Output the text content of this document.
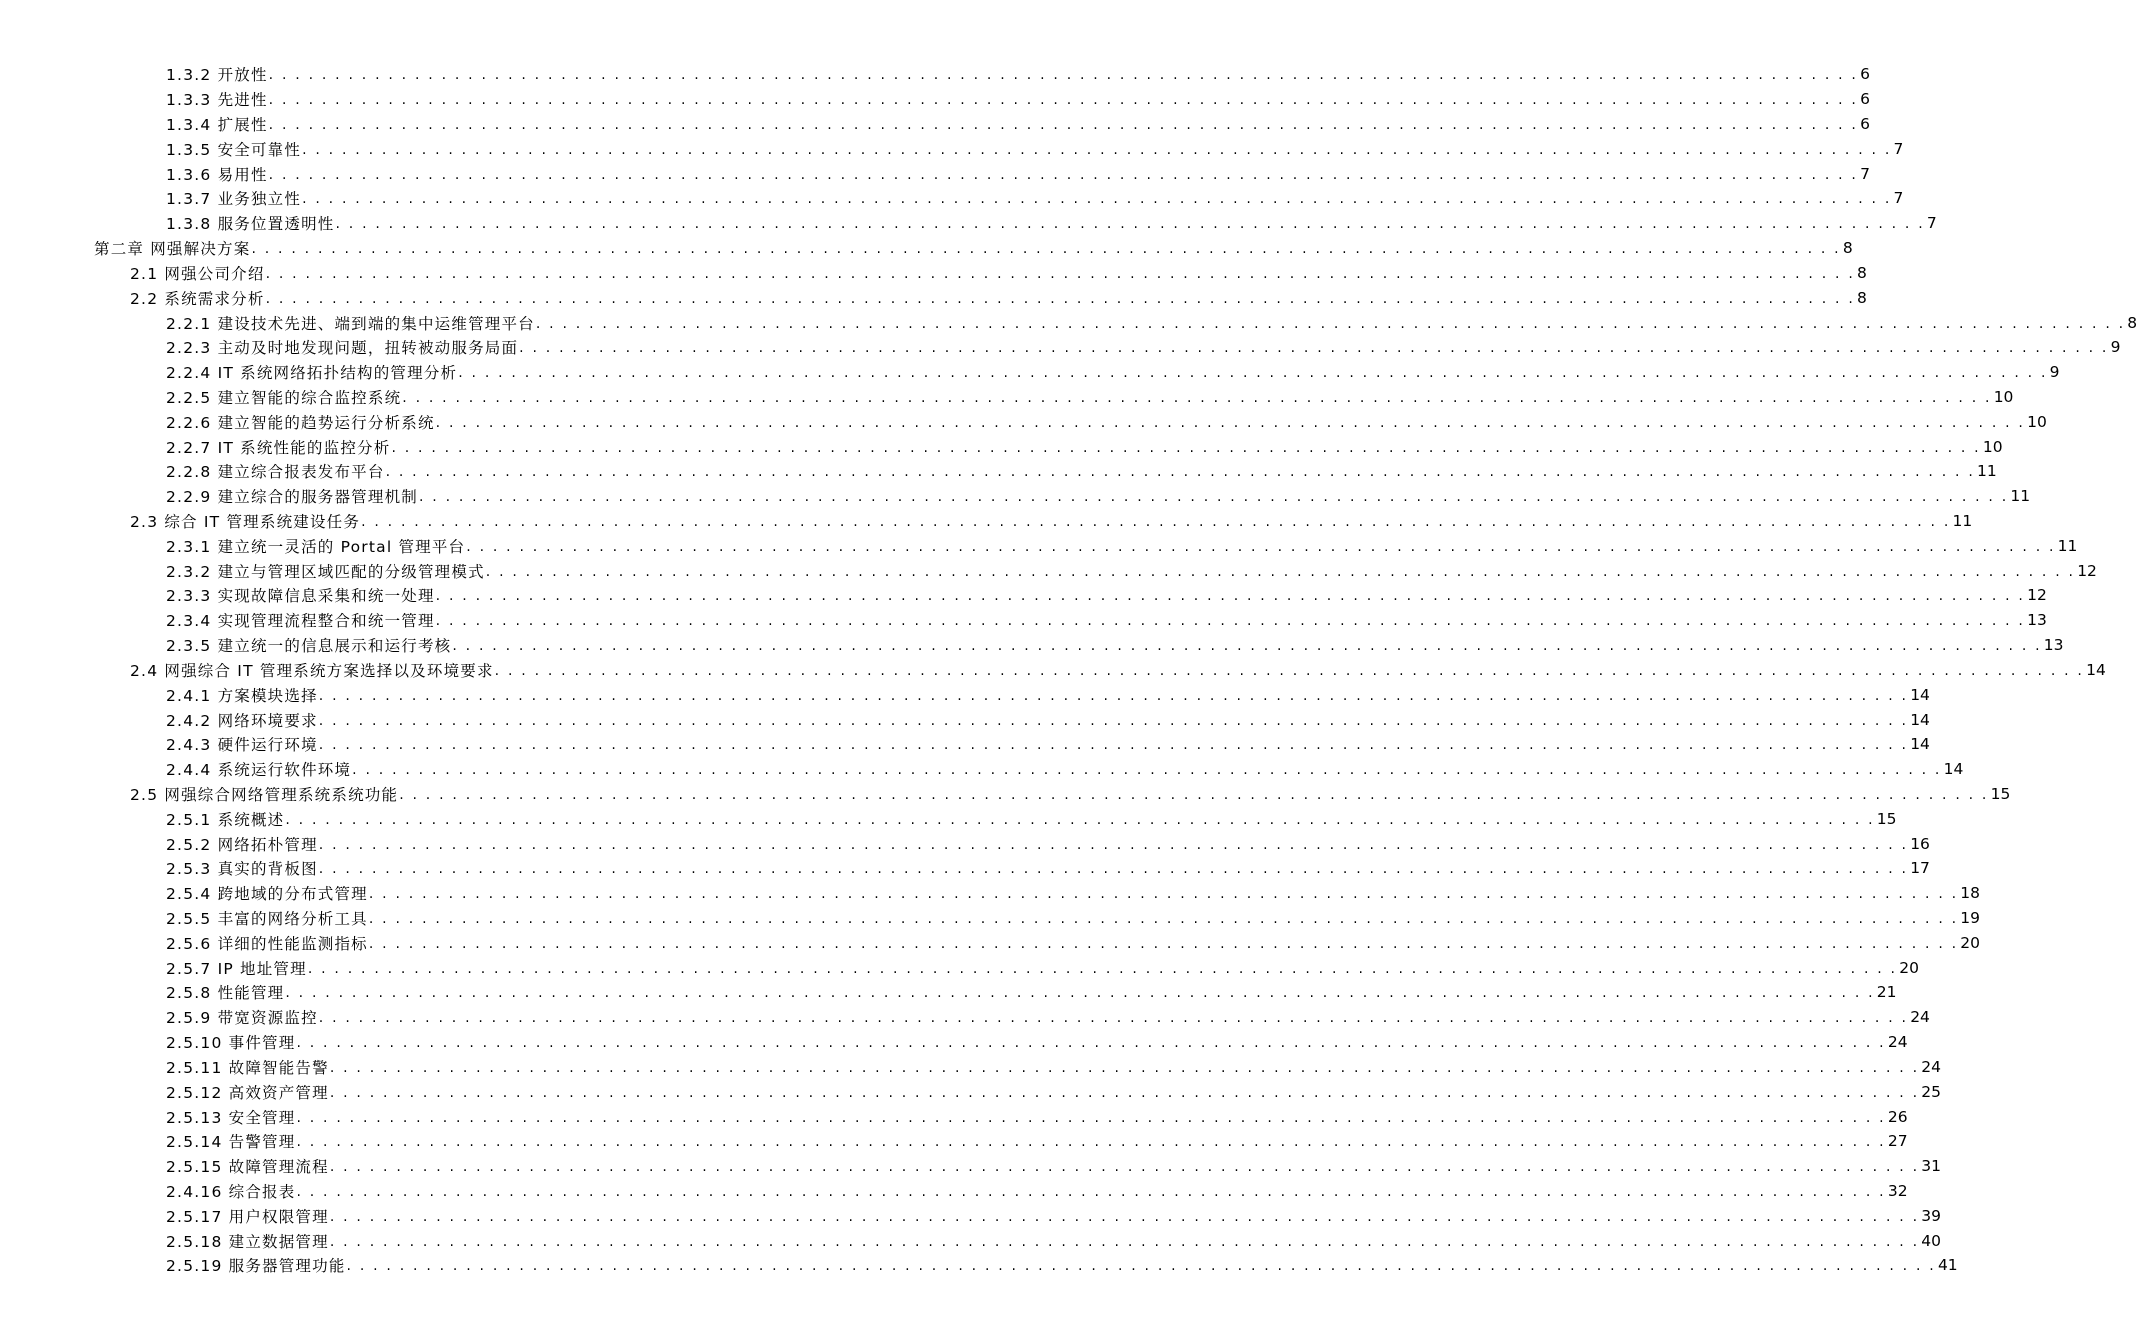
1.3.2 开放性 . . . . . . . . . . . . . . . . . . . . . . . . . . . . . . . . . . . . . . . . . . . . . . . . . . . . . . . . . . . . . . . . . . . . . . . . . . . . . . . . . . . . . . . . . . . . . . . . . . . . . . . . . . . . . . . . . . . . . . . . 6
1.3.3 先进性 . . . . . . . . . . . . . . . . . . . . . . . . . . . . . . . . . . . . . . . . . . . . . . . . . . . . . . . . . . . . . . . . . . . . . . . . . . . . . . . . . . . . . . . . . . . . . . . . . . . . . . . . . . . . . . . . . . . . . . . . 6
1.3.4 扩展性 . . . . . . . . . . . . . . . . . . . . . . . . . . . . . . . . . . . . . . . . . . . . . . . . . . . . . . . . . . . . . . . . . . . . . . . . . . . . . . . . . . . . . . . . . . . . . . . . . . . . . . . . . . . . . . . . . . . . . . . . 6
1.3.5 安全可靠性 . . . . . . . . . . . . . . . . . . . . . . . . . . . . . . . . . . . . . . . . . . . . . . . . . . . . . . . . . . . . . . . . . . . . . . . . . . . . . . . . . . . . . . . . . . . . . . . . . . . . . . . . . . . . . . . . . . . . . . . . 7
1.3.6 易用性 . . . . . . . . . . . . . . . . . . . . . . . . . . . . . . . . . . . . . . . . . . . . . . . . . . . . . . . . . . . . . . . . . . . . . . . . . . . . . . . . . . . . . . . . . . . . . . . . . . . . . . . . . . . . . . . . . . . . . . . . 7
1.3.7 业务独立性 . . . . . . . . . . . . . . . . . . . . . . . . . . . . . . . . . . . . . . . . . . . . . . . . . . . . . . . . . . . . . . . . . . . . . . . . . . . . . . . . . . . . . . . . . . . . . . . . . . . . . . . . . . . . . . . . . . . . . . . . 7
1.3.8 服务位置透明性 . . . . . . . . . . . . . . . . . . . . . . . . . . . . . . . . . . . . . . . . . . . . . . . . . . . . . . . . . . . . . . . . . . . . . . . . . . . . . . . . . . . . . . . . . . . . . . . . . . . . . . . . . . . . . . . . . . . . . . . . 7
第二章 网强解决方案 . . . . . . . . . . . . . . . . . . . . . . . . . . . . . . . . . . . . . . . . . . . . . . . . . . . . . . . . . . . . . . . . . . . . . . . . . . . . . . . . . . . . . . . . . . . . . . . . . . . . . . . . . . . . . . . . . . . . . . . . 8
2.1 网强公司介绍 . . . . . . . . . . . . . . . . . . . . . . . . . . . . . . . . . . . . . . . . . . . . . . . . . . . . . . . . . . . . . . . . . . . . . . . . . . . . . . . . . . . . . . . . . . . . . . . . . . . . . . . . . . . . . . . . . . . . . . . . 8
2.2 系统需求分析 . . . . . . . . . . . . . . . . . . . . . . . . . . . . . . . . . . . . . . . . . . . . . . . . . . . . . . . . . . . . . . . . . . . . . . . . . . . . . . . . . . . . . . . . . . . . . . . . . . . . . . . . . . . . . . . . . . . . . . . . 8
2.2.1 建设技术先进、端到端的集中运维管理平台 . . . . . . . . . . . . . . . . . . . . . . . . . . . . . . . . . . . . . . . . . . . . . . . . . . . . . . . . . . . . . . . . . . . . . . . . . . . . . . . . . . . . . . . . . . . . . . . . . . . . . . . . . . . . . . . . . . . . . . . . 8
2.2.3 主动及时地发现问题，扭转被动服务局面 . . . . . . . . . . . . . . . . . . . . . . . . . . . . . . . . . . . . . . . . . . . . . . . . . . . . . . . . . . . . . . . . . . . . . . . . . . . . . . . . . . . . . . . . . . . . . . . . . . . . . . . . . . . . . . . . . . . . . . . . 9
2.2.4 IT 系统网络拓扑结构的管理分析 . . . . . . . . . . . . . . . . . . . . . . . . . . . . . . . . . . . . . . . . . . . . . . . . . . . . . . . . . . . . . . . . . . . . . . . . . . . . . . . . . . . . . . . . . . . . . . . . . . . . . . . . . . . . . . . . . . . . . . . . 9
2.2.5 建立智能的综合监控系统 . . . . . . . . . . . . . . . . . . . . . . . . . . . . . . . . . . . . . . . . . . . . . . . . . . . . . . . . . . . . . . . . . . . . . . . . . . . . . . . . . . . . . . . . . . . . . . . . . . . . . . . . . . . . . . . . . . . . . . . . 10
2.2.6 建立智能的趋势运行分析系统 . . . . . . . . . . . . . . . . . . . . . . . . . . . . . . . . . . . . . . . . . . . . . . . . . . . . . . . . . . . . . . . . . . . . . . . . . . . . . . . . . . . . . . . . . . . . . . . . . . . . . . . . . . . . . . . . . . . . . . . . 10
2.2.7 IT 系统性能的监控分析 . . . . . . . . . . . . . . . . . . . . . . . . . . . . . . . . . . . . . . . . . . . . . . . . . . . . . . . . . . . . . . . . . . . . . . . . . . . . . . . . . . . . . . . . . . . . . . . . . . . . . . . . . . . . . . . . . . . . . . . . 10
2.2.8 建立综合报表发布平台 . . . . . . . . . . . . . . . . . . . . . . . . . . . . . . . . . . . . . . . . . . . . . . . . . . . . . . . . . . . . . . . . . . . . . . . . . . . . . . . . . . . . . . . . . . . . . . . . . . . . . . . . . . . . . . . . . . . . . . . . 11
2.2.9 建立综合的服务器管理机制 . . . . . . . . . . . . . . . . . . . . . . . . . . . . . . . . . . . . . . . . . . . . . . . . . . . . . . . . . . . . . . . . . . . . . . . . . . . . . . . . . . . . . . . . . . . . . . . . . . . . . . . . . . . . . . . . . . . . . . . . 11
2.3 综合 IT 管理系统建设任务 . . . . . . . . . . . . . . . . . . . . . . . . . . . . . . . . . . . . . . . . . . . . . . . . . . . . . . . . . . . . . . . . . . . . . . . . . . . . . . . . . . . . . . . . . . . . . . . . . . . . . . . . . . . . . . . . . . . . . . . . 11
2.3.1 建立统一灵活的 Portal 管理平台 . . . . . . . . . . . . . . . . . . . . . . . . . . . . . . . . . . . . . . . . . . . . . . . . . . . . . . . . . . . . . . . . . . . . . . . . . . . . . . . . . . . . . . . . . . . . . . . . . . . . . . . . . . . . . . . . . . . . . . . . 11
2.3.2 建立与管理区域匹配的分级管理模式 . . . . . . . . . . . . . . . . . . . . . . . . . . . . . . . . . . . . . . . . . . . . . . . . . . . . . . . . . . . . . . . . . . . . . . . . . . . . . . . . . . . . . . . . . . . . . . . . . . . . . . . . . . . . . . . . . . . . . . . . 12
2.3.3 实现故障信息采集和统一处理 . . . . . . . . . . . . . . . . . . . . . . . . . . . . . . . . . . . . . . . . . . . . . . . . . . . . . . . . . . . . . . . . . . . . . . . . . . . . . . . . . . . . . . . . . . . . . . . . . . . . . . . . . . . . . . . . . . . . . . . . 12
2.3.4 实现管理流程整合和统一管理 . . . . . . . . . . . . . . . . . . . . . . . . . . . . . . . . . . . . . . . . . . . . . . . . . . . . . . . . . . . . . . . . . . . . . . . . . . . . . . . . . . . . . . . . . . . . . . . . . . . . . . . . . . . . . . . . . . . . . . . . 13
2.3.5 建立统一的信息展示和运行考核 . . . . . . . . . . . . . . . . . . . . . . . . . . . . . . . . . . . . . . . . . . . . . . . . . . . . . . . . . . . . . . . . . . . . . . . . . . . . . . . . . . . . . . . . . . . . . . . . . . . . . . . . . . . . . . . . . . . . . . . . 13
2.4 网强综合 IT 管理系统方案选择以及环境要求 . . . . . . . . . . . . . . . . . . . . . . . . . . . . . . . . . . . . . . . . . . . . . . . . . . . . . . . . . . . . . . . . . . . . . . . . . . . . . . . . . . . . . . . . . . . . . . . . . . . . . . . . . . . . . . . . . . . . . . . . 14
2.4.1 方案模块选择 . . . . . . . . . . . . . . . . . . . . . . . . . . . . . . . . . . . . . . . . . . . . . . . . . . . . . . . . . . . . . . . . . . . . . . . . . . . . . . . . . . . . . . . . . . . . . . . . . . . . . . . . . . . . . . . . . . . . . . . . 14
2.4.2 网络环境要求 . . . . . . . . . . . . . . . . . . . . . . . . . . . . . . . . . . . . . . . . . . . . . . . . . . . . . . . . . . . . . . . . . . . . . . . . . . . . . . . . . . . . . . . . . . . . . . . . . . . . . . . . . . . . . . . . . . . . . . . . 14
2.4.3 硬件运行环境 . . . . . . . . . . . . . . . . . . . . . . . . . . . . . . . . . . . . . . . . . . . . . . . . . . . . . . . . . . . . . . . . . . . . . . . . . . . . . . . . . . . . . . . . . . . . . . . . . . . . . . . . . . . . . . . . . . . . . . . . 14
2.4.4 系统运行软件环境 . . . . . . . . . . . . . . . . . . . . . . . . . . . . . . . . . . . . . . . . . . . . . . . . . . . . . . . . . . . . . . . . . . . . . . . . . . . . . . . . . . . . . . . . . . . . . . . . . . . . . . . . . . . . . . . . . . . . . . . . 14
2.5 网强综合网络管理系统系统功能 . . . . . . . . . . . . . . . . . . . . . . . . . . . . . . . . . . . . . . . . . . . . . . . . . . . . . . . . . . . . . . . . . . . . . . . . . . . . . . . . . . . . . . . . . . . . . . . . . . . . . . . . . . . . . . . . . . . . . . . . 15
2.5.1 系统概述 . . . . . . . . . . . . . . . . . . . . . . . . . . . . . . . . . . . . . . . . . . . . . . . . . . . . . . . . . . . . . . . . . . . . . . . . . . . . . . . . . . . . . . . . . . . . . . . . . . . . . . . . . . . . . . . . . . . . . . . . 15
2.5.2 网络拓朴管理 . . . . . . . . . . . . . . . . . . . . . . . . . . . . . . . . . . . . . . . . . . . . . . . . . . . . . . . . . . . . . . . . . . . . . . . . . . . . . . . . . . . . . . . . . . . . . . . . . . . . . . . . . . . . . . . . . . . . . . . . 16
2.5.3 真实的背板图 . . . . . . . . . . . . . . . . . . . . . . . . . . . . . . . . . . . . . . . . . . . . . . . . . . . . . . . . . . . . . . . . . . . . . . . . . . . . . . . . . . . . . . . . . . . . . . . . . . . . . . . . . . . . . . . . . . . . . . . . 17
2.5.4 跨地域的分布式管理 . . . . . . . . . . . . . . . . . . . . . . . . . . . . . . . . . . . . . . . . . . . . . . . . . . . . . . . . . . . . . . . . . . . . . . . . . . . . . . . . . . . . . . . . . . . . . . . . . . . . . . . . . . . . . . . . . . . . . . . . 18
2.5.5 丰富的网络分析工具 . . . . . . . . . . . . . . . . . . . . . . . . . . . . . . . . . . . . . . . . . . . . . . . . . . . . . . . . . . . . . . . . . . . . . . . . . . . . . . . . . . . . . . . . . . . . . . . . . . . . . . . . . . . . . . . . . . . . . . . . 19
2.5.6 详细的性能监测指标 . . . . . . . . . . . . . . . . . . . . . . . . . . . . . . . . . . . . . . . . . . . . . . . . . . . . . . . . . . . . . . . . . . . . . . . . . . . . . . . . . . . . . . . . . . . . . . . . . . . . . . . . . . . . . . . . . . . . . . . . 20
2.5.7 IP 地址管理 . . . . . . . . . . . . . . . . . . . . . . . . . . . . . . . . . . . . . . . . . . . . . . . . . . . . . . . . . . . . . . . . . . . . . . . . . . . . . . . . . . . . . . . . . . . . . . . . . . . . . . . . . . . . . . . . . . . . . . . . 20
2.5.8 性能管理 . . . . . . . . . . . . . . . . . . . . . . . . . . . . . . . . . . . . . . . . . . . . . . . . . . . . . . . . . . . . . . . . . . . . . . . . . . . . . . . . . . . . . . . . . . . . . . . . . . . . . . . . . . . . . . . . . . . . . . . . 21
2.5.9 带宽资源监控 . . . . . . . . . . . . . . . . . . . . . . . . . . . . . . . . . . . . . . . . . . . . . . . . . . . . . . . . . . . . . . . . . . . . . . . . . . . . . . . . . . . . . . . . . . . . . . . . . . . . . . . . . . . . . . . . . . . . . . . . 24
2.5.10 事件管理 . . . . . . . . . . . . . . . . . . . . . . . . . . . . . . . . . . . . . . . . . . . . . . . . . . . . . . . . . . . . . . . . . . . . . . . . . . . . . . . . . . . . . . . . . . . . . . . . . . . . . . . . . . . . . . . . . . . . . . . . 24
2.5.11 故障智能告警 . . . . . . . . . . . . . . . . . . . . . . . . . . . . . . . . . . . . . . . . . . . . . . . . . . . . . . . . . . . . . . . . . . . . . . . . . . . . . . . . . . . . . . . . . . . . . . . . . . . . . . . . . . . . . . . . . . . . . . . . 24
2.5.12 高效资产管理 . . . . . . . . . . . . . . . . . . . . . . . . . . . . . . . . . . . . . . . . . . . . . . . . . . . . . . . . . . . . . . . . . . . . . . . . . . . . . . . . . . . . . . . . . . . . . . . . . . . . . . . . . . . . . . . . . . . . . . . . 25
2.5.13 安全管理 . . . . . . . . . . . . . . . . . . . . . . . . . . . . . . . . . . . . . . . . . . . . . . . . . . . . . . . . . . . . . . . . . . . . . . . . . . . . . . . . . . . . . . . . . . . . . . . . . . . . . . . . . . . . . . . . . . . . . . . . 26
2.5.14 告警管理 . . . . . . . . . . . . . . . . . . . . . . . . . . . . . . . . . . . . . . . . . . . . . . . . . . . . . . . . . . . . . . . . . . . . . . . . . . . . . . . . . . . . . . . . . . . . . . . . . . . . . . . . . . . . . . . . . . . . . . . . 27
2.5.15 故障管理流程 . . . . . . . . . . . . . . . . . . . . . . . . . . . . . . . . . . . . . . . . . . . . . . . . . . . . . . . . . . . . . . . . . . . . . . . . . . . . . . . . . . . . . . . . . . . . . . . . . . . . . . . . . . . . . . . . . . . . . . . . 31
2.4.16 综合报表 . . . . . . . . . . . . . . . . . . . . . . . . . . . . . . . . . . . . . . . . . . . . . . . . . . . . . . . . . . . . . . . . . . . . . . . . . . . . . . . . . . . . . . . . . . . . . . . . . . . . . . . . . . . . . . . . . . . . . . . . 32
2.5.17 用户权限管理 . . . . . . . . . . . . . . . . . . . . . . . . . . . . . . . . . . . . . . . . . . . . . . . . . . . . . . . . . . . . . . . . . . . . . . . . . . . . . . . . . . . . . . . . . . . . . . . . . . . . . . . . . . . . . . . . . . . . . . . . 39
2.5.18 建立数据管理 . . . . . . . . . . . . . . . . . . . . . . . . . . . . . . . . . . . . . . . . . . . . . . . . . . . . . . . . . . . . . . . . . . . . . . . . . . . . . . . . . . . . . . . . . . . . . . . . . . . . . . . . . . . . . . . . . . . . . . . . 40
2.5.19 服务器管理功能 . . . . . . . . . . . . . . . . . . . . . . . . . . . . . . . . . . . . . . . . . . . . . . . . . . . . . . . . . . . . . . . . . . . . . . . . . . . . . . . . . . . . . . . . . . . . . . . . . . . . . . . . . . . . . . . . . . . . . . . . 41
